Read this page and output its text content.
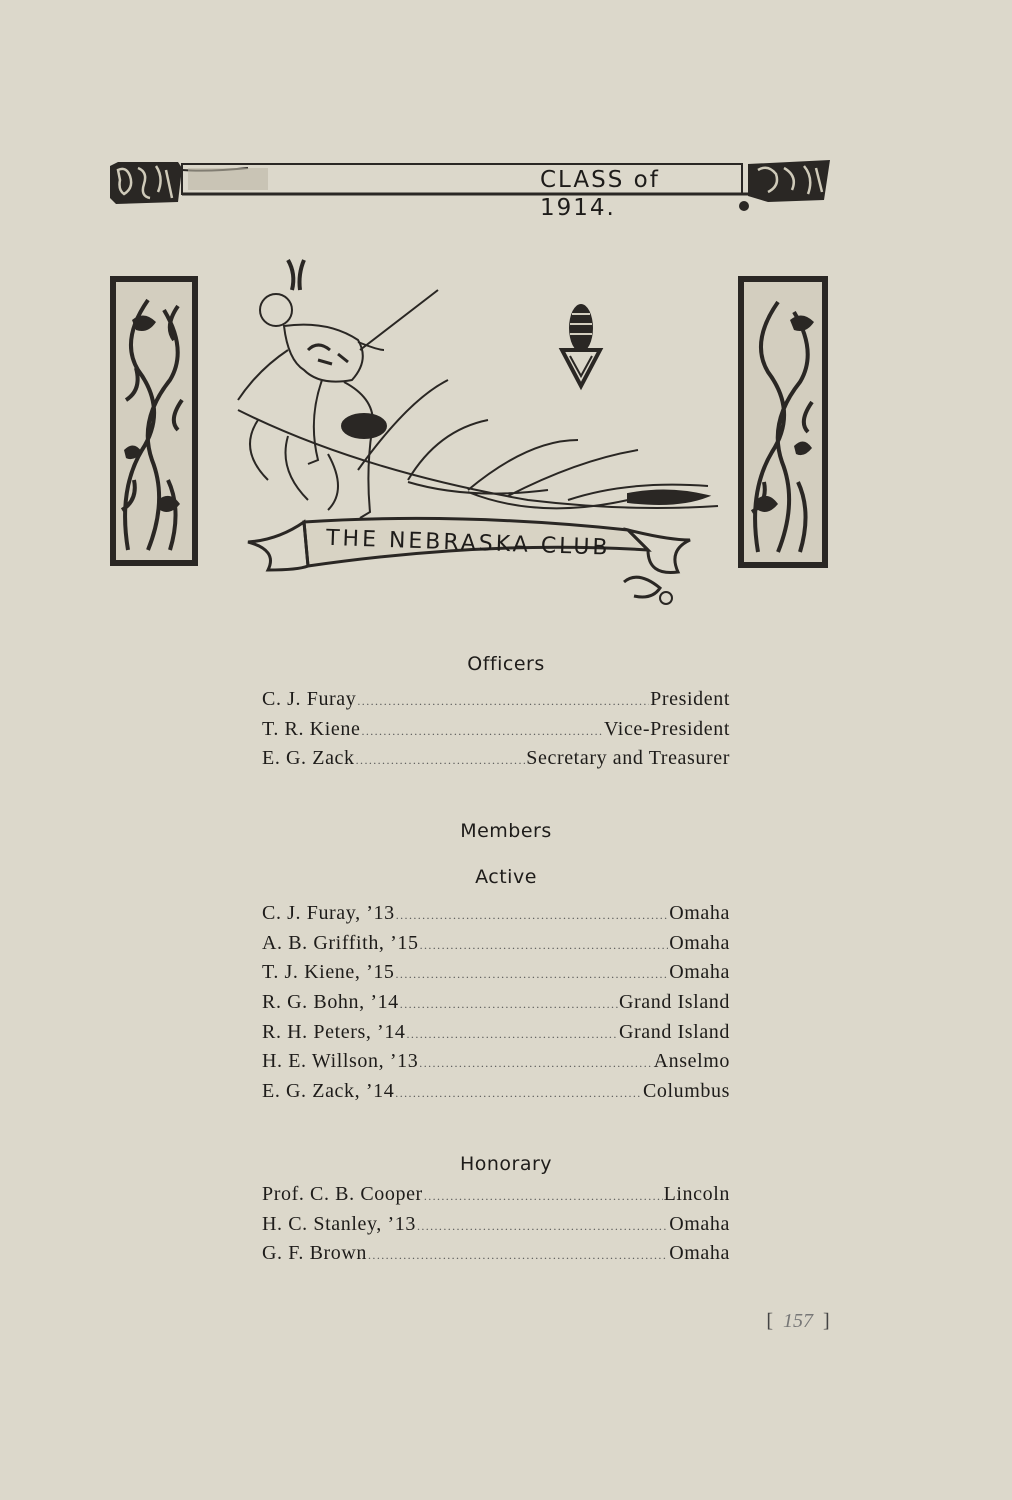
CLASS of 1914.
THE NEBRASKA CLUB
Officers
C. J. Furay .....	President
T. R. Kiene .....	Vice-President
E. G. Zack .....	Secretary and Treasurer
Members
Active
C. J. Furay, ’13 .....	Omaha
A. B. Griffith, ’15 .....	Omaha
T. J. Kiene, ’15 .....	Omaha
R. G. Bohn, ’14 .....	Grand Island
R. H. Peters, ’14 .....	Grand Island
H. E. Willson, ’13 .....	Anselmo
E. G. Zack, ’14 .....	Columbus
Honorary
Prof. C. B. Cooper .....	Lincoln
H. C. Stanley, ’13 .....	Omaha
G. F. Brown .....	Omaha
[ 157 ]
